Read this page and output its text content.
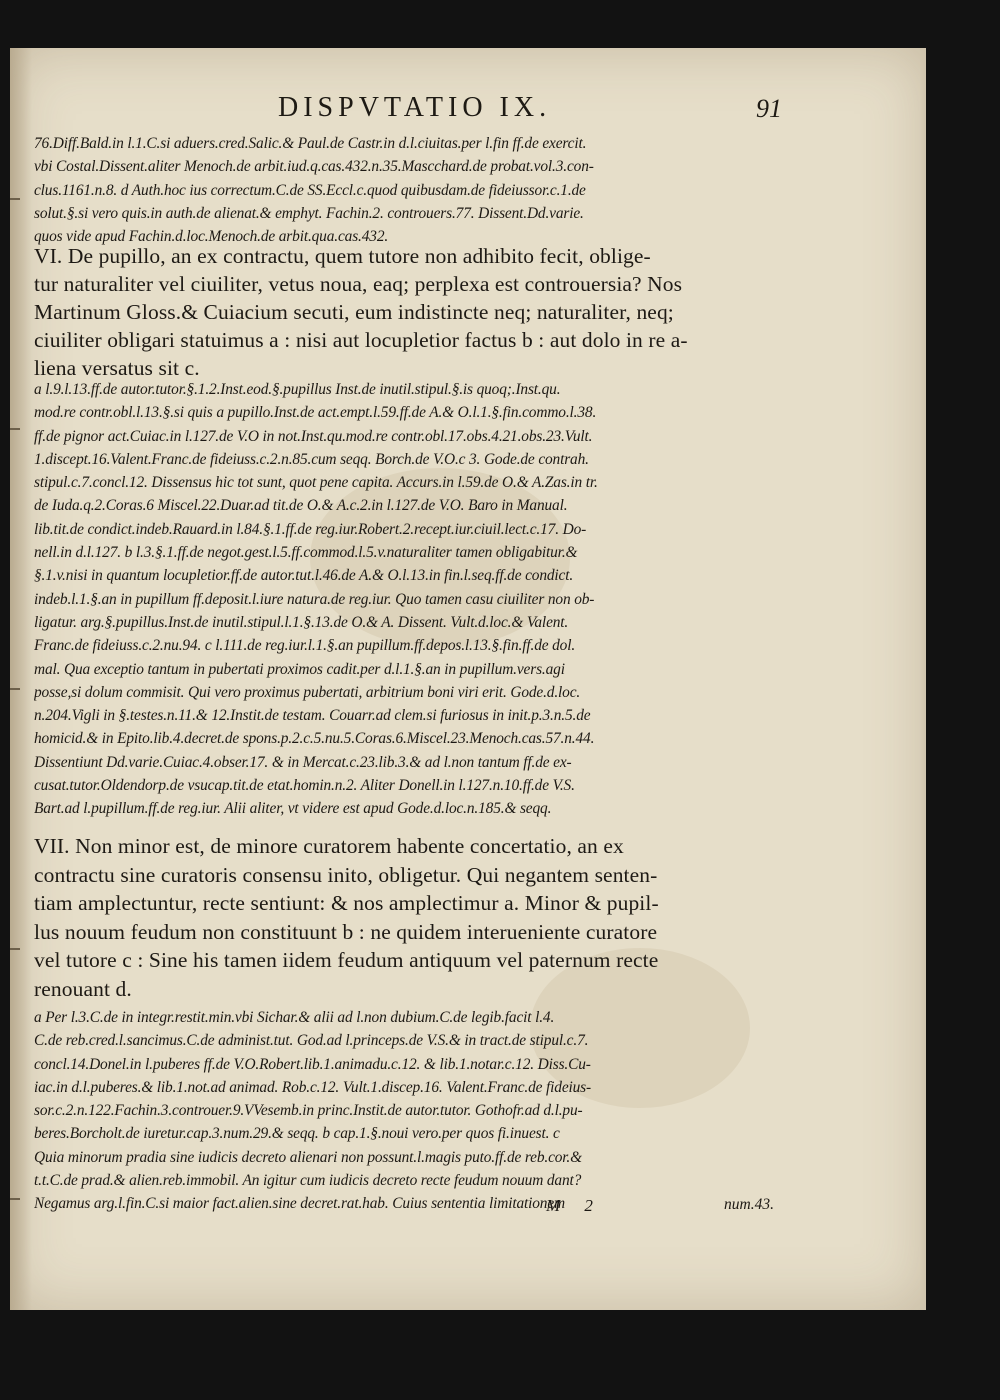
DISPVTATIO IX.	91
76.Diff.Bald.in l.1.C.si aduers.cred.Salic.& Paul.de Castr.in d.l.ciuitas.per l.fin ff.de exercit.
vbi Costal.Dissent.aliter Menoch.de arbit.iud.q.cas.432.n.35.Mascchard.de probat.vol.3.con-
clus.1161.n.8. d Auth.hoc ius correctum.C.de SS.Eccl.c.quod quibusdam.de fideiussor.c.1.de
solut.§.si vero quis.in auth.de alienat.& emphyt. Fachin.2. controuers.77. Dissent.Dd.varie.
quos vide apud Fachin.d.loc.Menoch.de arbit.qua.cas.432.
VI. De pupillo, an ex contractu, quem tutore non adhibito fecit, oblige-
tur naturaliter vel ciuiliter, vetus noua, eaq; perplexa est controuersia? Nos
Martinum Gloss.& Cuiacium secuti, eum indistincte neq; naturaliter, neq;
ciuiliter obligari statuimus a : nisi aut locupletior factus b : aut dolo in re a-
liena versatus sit c.
a l.9.l.13.ff.de autor.tutor.§.1.2.Inst.eod.§.pupillus Inst.de inutil.stipul.§.is quoq;.Inst.qu.
mod.re contr.obl.l.13.§.si quis a pupillo.Inst.de act.empt.l.59.ff.de A.& O.l.1.§.fin.commo.l.38.
ff.de pignor act.Cuiac.in l.127.de V.O in not.Inst.qu.mod.re contr.obl.17.obs.4.21.obs.23.Vult.
1.discept.16.Valent.Franc.de fideiuss.c.2.n.85.cum seqq. Borch.de V.O.c 3. Gode.de contrah.
stipul.c.7.concl.12. Dissensus hic tot sunt, quot pene capita. Accurs.in l.59.de O.& A.Zas.in tr.
de Iuda.q.2.Coras.6 Miscel.22.Duar.ad tit.de O.& A.c.2.in l.127.de V.O. Baro in Manual.
lib.tit.de condict.indeb.Rauard.in l.84.§.1.ff.de reg.iur.Robert.2.recept.iur.ciuil.lect.c.17. Do-
nell.in d.l.127. b l.3.§.1.ff.de negot.gest.l.5.ff.commod.l.5.v.naturaliter tamen obligabitur.&
§.1.v.nisi in quantum locupletior.ff.de autor.tut.l.46.de A.& O.l.13.in fin.l.seq.ff.de condict.
indeb.l.1.§.an in pupillum ff.deposit.l.iure natura.de reg.iur. Quo tamen casu ciuiliter non ob-
ligatur. arg.§.pupillus.Inst.de inutil.stipul.l.1.§.13.de O.& A. Dissent. Vult.d.loc.& Valent.
Franc.de fideiuss.c.2.nu.94. c l.111.de reg.iur.l.1.§.an pupillum.ff.depos.l.13.§.fin.ff.de dol.
mal. Qua exceptio tantum in pubertati proximos cadit.per d.l.1.§.an in pupillum.vers.agi
posse,si dolum commisit. Qui vero proximus pubertati, arbitrium boni viri erit. Gode.d.loc.
n.204.Vigli in §.testes.n.11.& 12.Instit.de testam. Couarr.ad clem.si furiosus in init.p.3.n.5.de
homicid.& in Epito.lib.4.decret.de spons.p.2.c.5.nu.5.Coras.6.Miscel.23.Menoch.cas.57.n.44.
Dissentiunt Dd.varie.Cuiac.4.obser.17. & in Mercat.c.23.lib.3.& ad l.non tantum ff.de ex-
cusat.tutor.Oldendorp.de vsucap.tit.de etat.homin.n.2. Aliter Donell.in l.127.n.10.ff.de V.S.
Bart.ad l.pupillum.ff.de reg.iur. Alii aliter, vt videre est apud Gode.d.loc.n.185.& seqq.
VII. Non minor est, de minore curatorem habente concertatio, an ex
contractu sine curatoris consensu inito, obligetur. Qui negantem senten-
tiam amplectuntur, recte sentiunt: & nos amplectimur a. Minor & pupil-
lus nouum feudum non constituunt b : ne quidem interueniente curatore
vel tutore c : Sine his tamen iidem feudum antiquum vel paternum recte
renouant d.
a Per l.3.C.de in integr.restit.min.vbi Sichar.& alii ad l.non dubium.C.de legib.facit l.4.
C.de reb.cred.l.sancimus.C.de administ.tut. God.ad l.princeps.de V.S.& in tract.de stipul.c.7.
concl.14.Donel.in l.puberes ff.de V.O.Robert.lib.1.animadu.c.12. & lib.1.notar.c.12. Diss.Cu-
iac.in d.l.puberes.& lib.1.not.ad animad. Rob.c.12. Vult.1.discep.16. Valent.Franc.de fideius-
sor.c.2.n.122.Fachin.3.controuer.9.VVesemb.in princ.Instit.de autor.tutor. Gothofr.ad d.l.pu-
beres.Borcholt.de iuretur.cap.3.num.29.& seqq. b cap.1.§.noui vero.per quos fi.inuest. c
Quia minorum pradia sine iudicis decreto alienari non possunt.l.magis puto.ff.de reb.cor.&
t.t.C.de prad.& alien.reb.immobil. An igitur cum iudicis decreto recte feudum nouum dant?
Negamus arg.l.fin.C.si maior fact.alien.sine decret.rat.hab. Cuius sententia limitationem
M 2	num.43.
